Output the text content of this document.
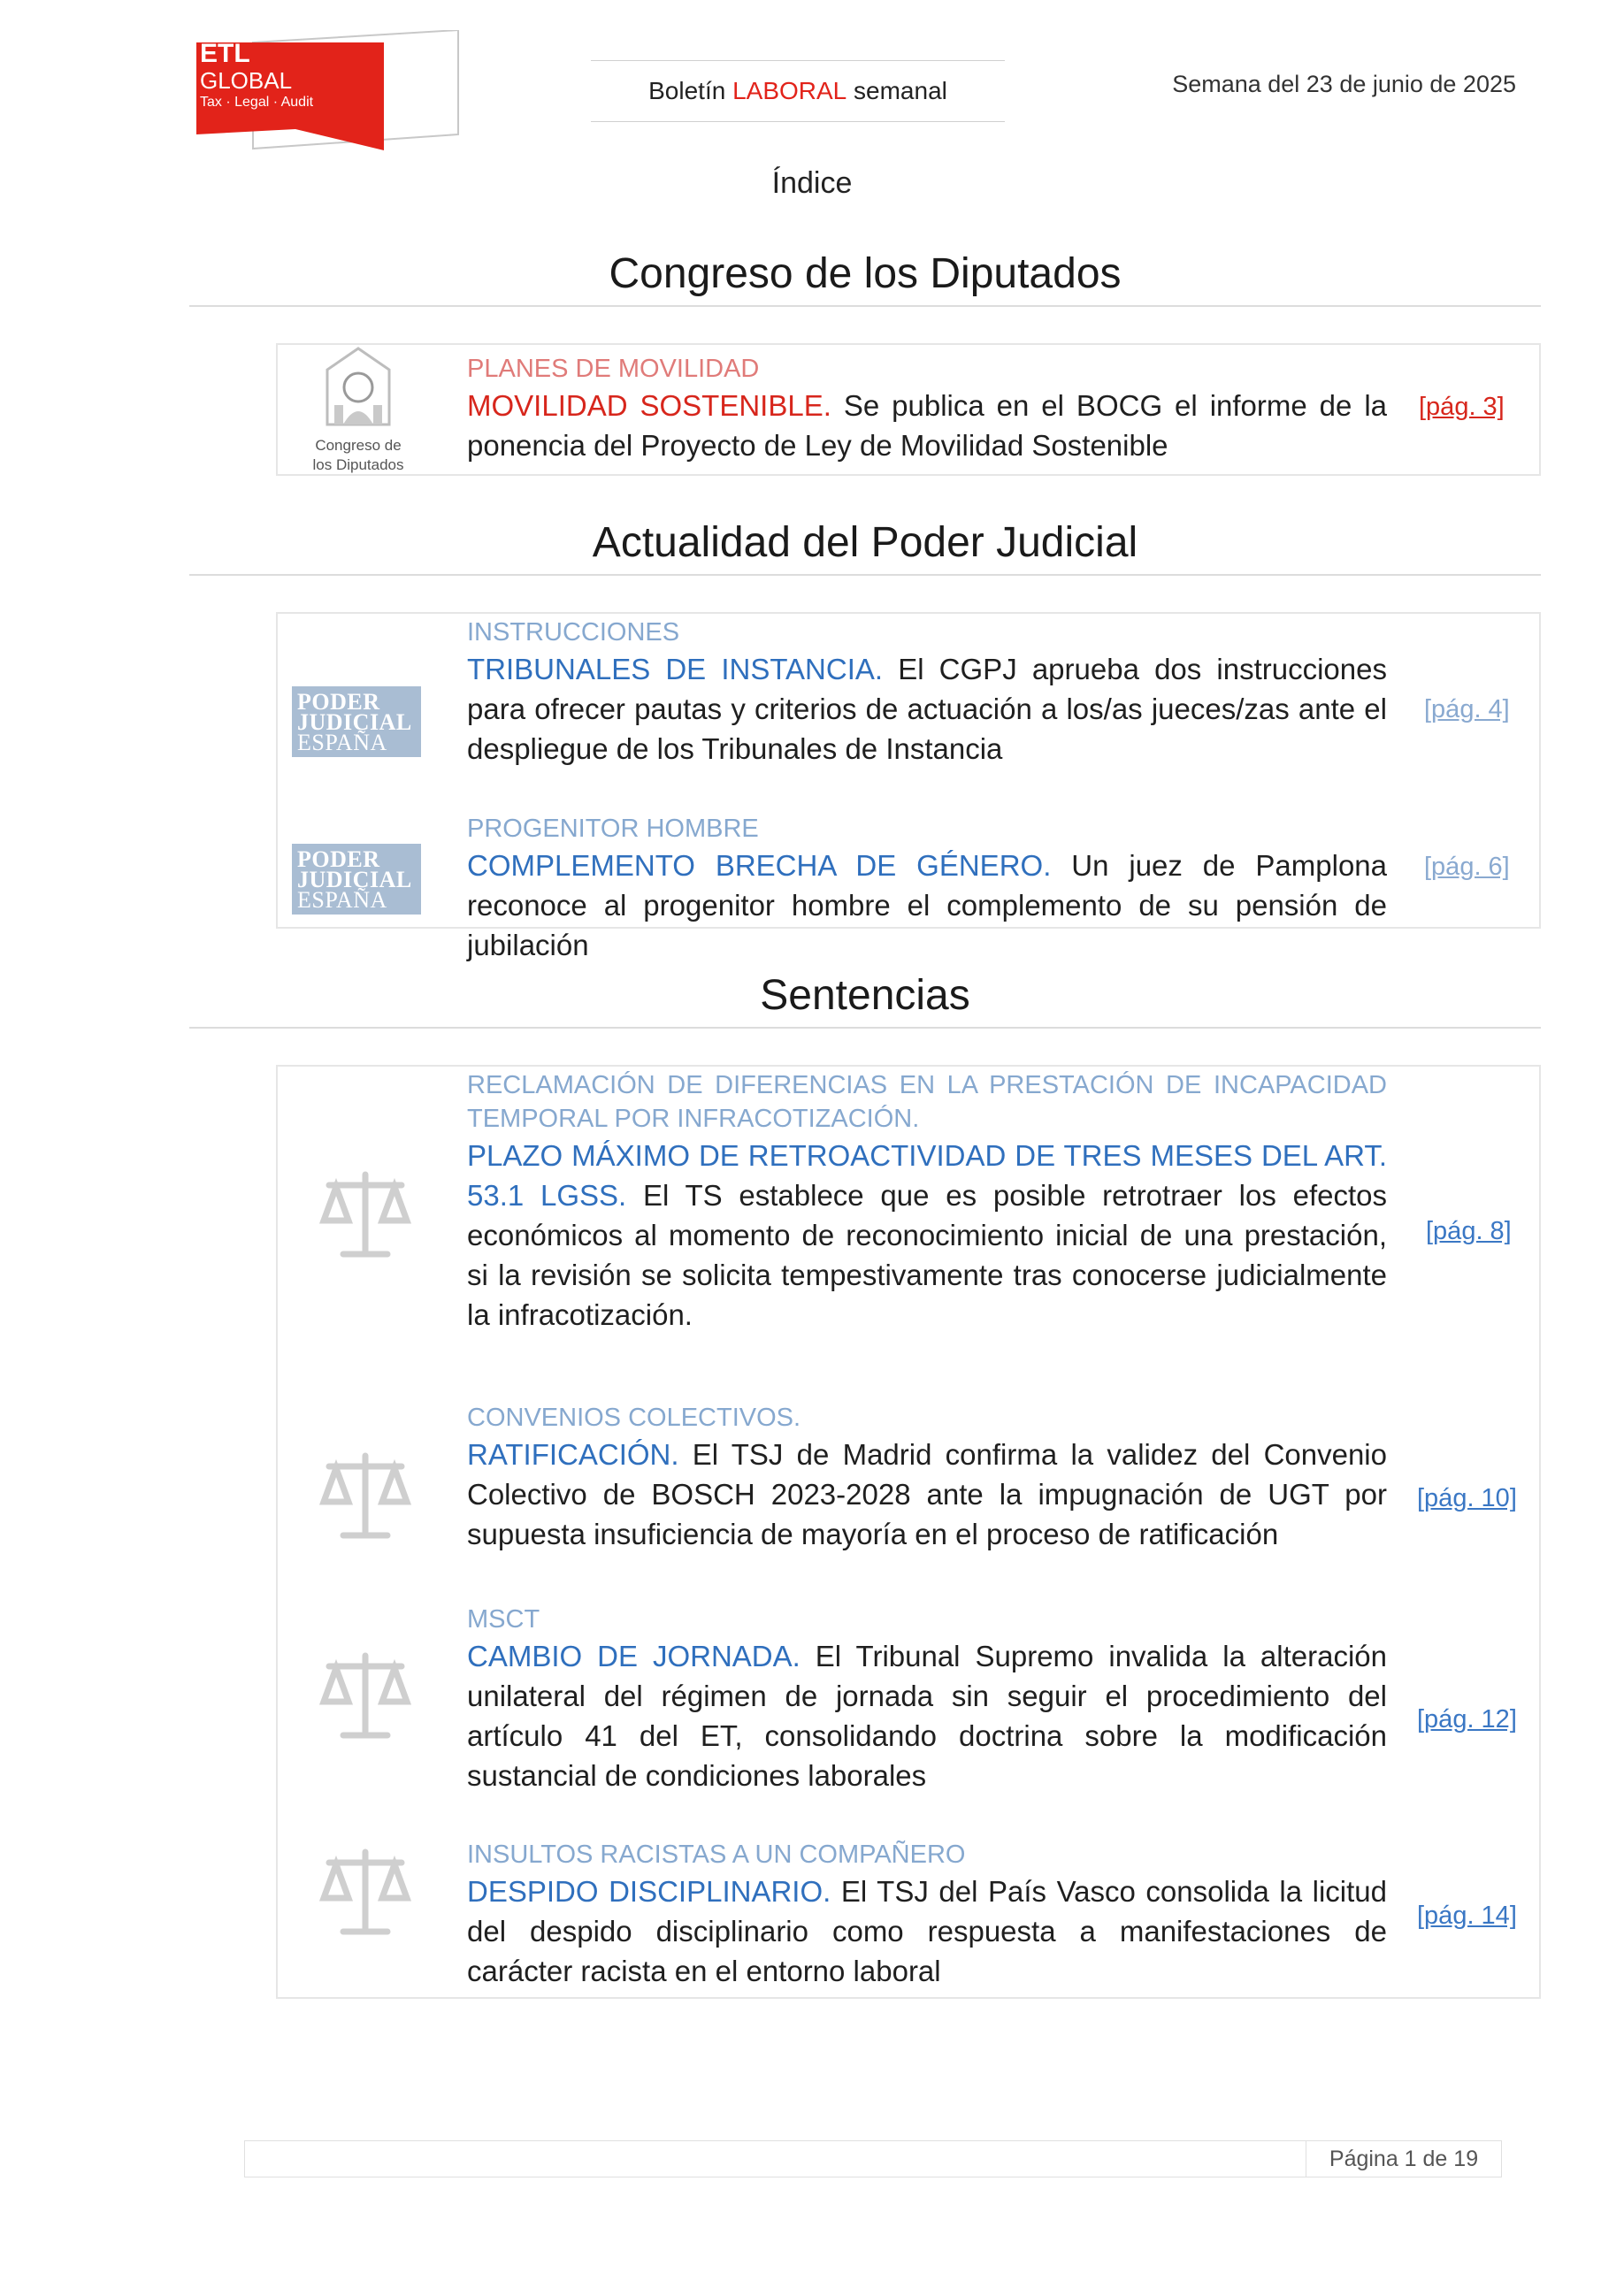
ETL
GLOBAL
Tax · Legal · Audit	Boletín LABORAL semanal	Semana del 23 de junio de 2025
Índice
Congreso de los Diputados
Congreso de
los Diputados
PLANES DE MOVILIDAD
MOVILIDAD SOSTENIBLE. Se publica en el BOCG el informe de la ponencia del Proyecto de Ley de Movilidad Sostenible
[pág. 3]
Actualidad del Poder Judicial
PODER
JUDICIAL
ESPAÑA
INSTRUCCIONES
TRIBUNALES DE INSTANCIA. El CGPJ aprueba dos instrucciones para ofrecer pautas y criterios de actuación a los/as jueces/zas ante el despliegue de los Tribunales de Instancia
[pág. 4]
PODER
JUDICIAL
ESPAÑA
PROGENITOR HOMBRE
COMPLEMENTO BRECHA DE GÉNERO. Un juez de Pamplona reconoce al progenitor hombre el complemento de su pensión de jubilación
[pág. 6]
Sentencias
RECLAMACIÓN DE DIFERENCIAS EN LA PRESTACIÓN DE INCAPACIDAD TEMPORAL POR INFRACOTIZACIÓN.
PLAZO MÁXIMO DE RETROACTIVIDAD DE TRES MESES DEL ART. 53.1 LGSS. El TS establece que es posible retrotraer los efectos económicos al momento de reconocimiento inicial de una prestación, si la revisión se solicita tempestivamente tras conocerse judicialmente la infracotización.
[pág. 8]
CONVENIOS COLECTIVOS.
RATIFICACIÓN. El TSJ de Madrid confirma la validez del Convenio Colectivo de BOSCH 2023-2028 ante la impugnación de UGT por supuesta insuficiencia de mayoría en el proceso de ratificación
[pág. 10]
MSCT
CAMBIO DE JORNADA. El Tribunal Supremo invalida la alteración unilateral del régimen de jornada sin seguir el procedimiento del artículo 41 del ET, consolidando doctrina sobre la modificación sustancial de condiciones laborales
[pág. 12]
INSULTOS RACISTAS A UN COMPAÑERO
DESPIDO DISCIPLINARIO. El TSJ del País Vasco consolida la licitud del despido disciplinario como respuesta a manifestaciones de carácter racista en el entorno laboral
[pág. 14]
Página 1 de 19
